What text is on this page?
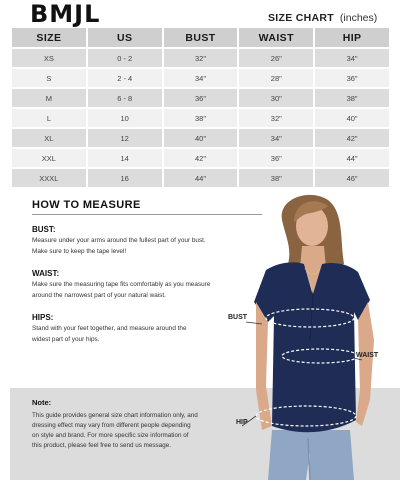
BMJL	SIZE CHART (inches)
SIZE	US	BUST	WAIST	HIP
XS	0 - 2	32"	26"	34"
S	2 - 4	34"	28"	36"
M	6 - 8	36"	30"	38"
L	10	38"	32"	40"
XL	12	40"	34"	42"
XXL	14	42"	36"	44"
XXXL	16	44"	38"	46"
BUST
WAIST
HIP
HOW TO MEASURE
BUST:
Measure under your arms around the fullest part of your bust.
Make sure to keep the tape level!
WAIST:
Make sure the measuring tape fits comfortably as you measure
around the narrowest part of your natural waist.
HIPS:
Stand with your feet together, and measure around the
widest part of your hips.
Note:
This guide provides general size chart information only, and
dressing effect may vary from different people depending
on style and brand. For more specific size information of
this product, please feel free to send us message.
